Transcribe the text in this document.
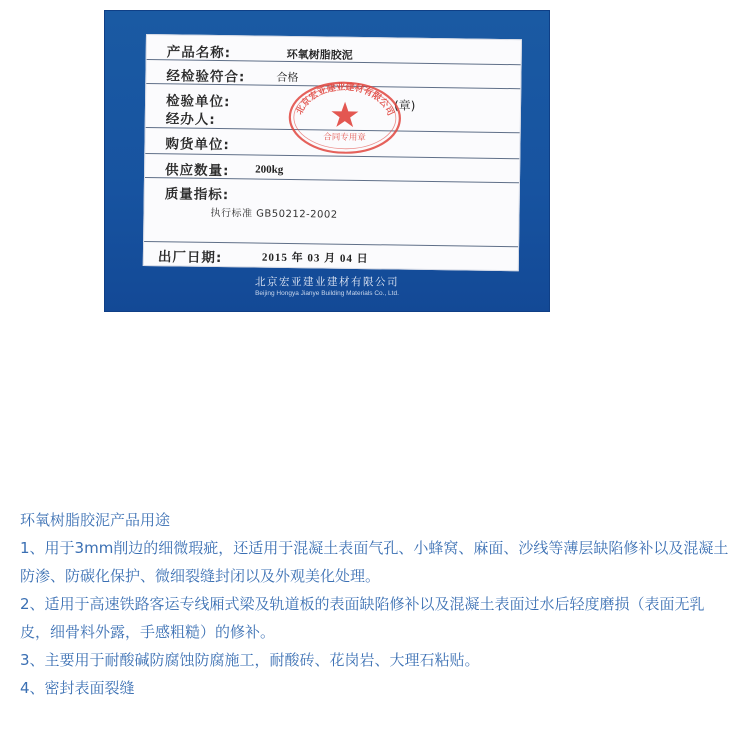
产品名称:	环氧树脂胶泥
经检验符合:	合格
检验单位:
经办人:
(章)
购货单位:
供应数量: 200kg
质量指标:
执行标准 GB50212-2002
出厂日期:	2015 年 03 月 04 日
北京宏亚建业建材有限公司
合同专用章
北京宏亚建业建材有限公司
Beijing Hongya Jianye Building Materials Co., Ltd.

环氧树脂胶泥产品用途

1、用于3mm削边的细微瑕疵，还适用于混凝土表面气孔、小蜂窝、麻面、沙线等薄层缺陷修补以及混凝土防渗、防碳化保护、微细裂缝封闭以及外观美化处理。

2、适用于高速铁路客运专线厢式梁及轨道板的表面缺陷修补以及混凝土表面过水后轻度磨损（表面无乳皮，细骨料外露，手感粗糙）的修补。

3、主要用于耐酸碱防腐蚀防腐施工，耐酸砖、花岗岩、大理石粘贴。

4、密封表面裂缝
